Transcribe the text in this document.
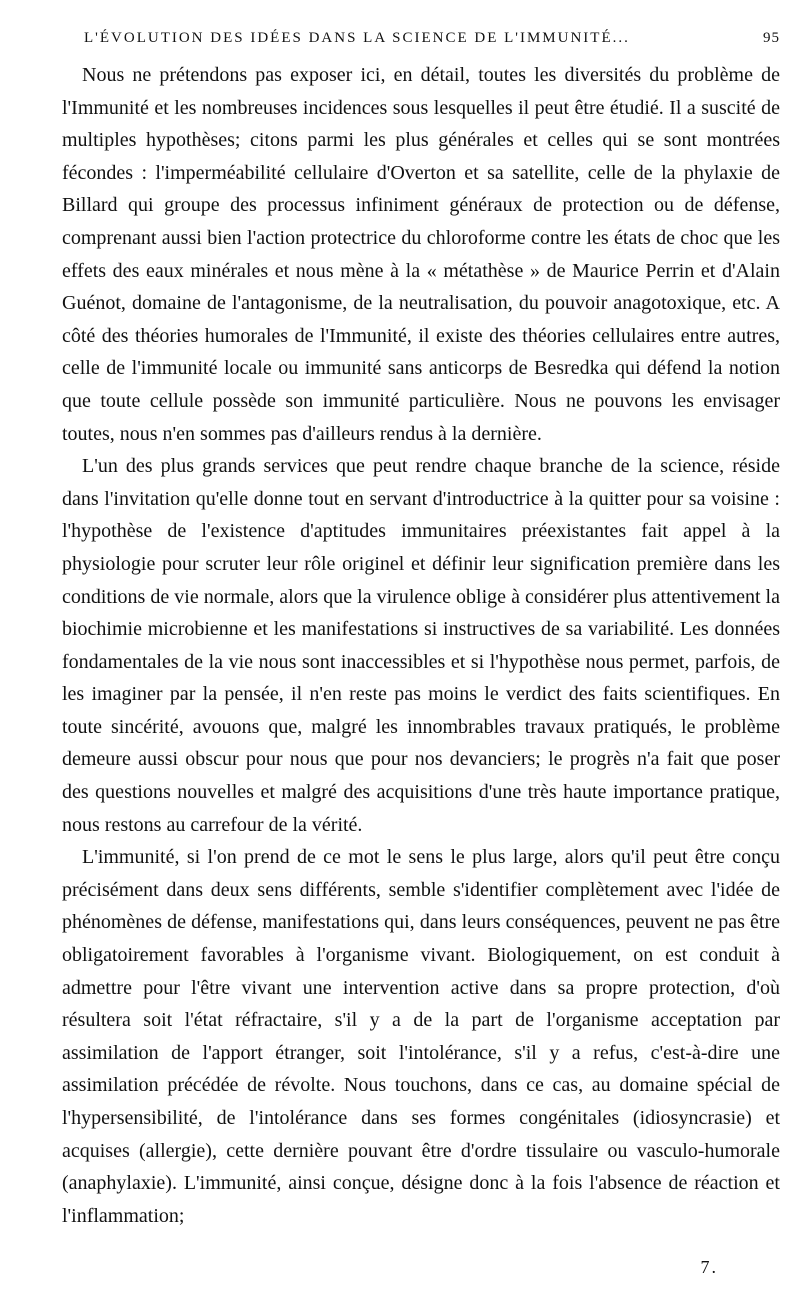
L'ÉVOLUTION DES IDÉES DANS LA SCIENCE DE L'IMMUNITÉ...	95

Nous ne prétendons pas exposer ici, en détail, toutes les diversités du problème de l'Immunité et les nombreuses incidences sous lesquelles il peut être étudié. Il a suscité de multiples hypothèses; citons parmi les plus générales et celles qui se sont montrées fécondes : l'imperméabilité cellulaire d'Overton et sa satellite, celle de la phylaxie de Billard qui groupe des processus infiniment généraux de protection ou de défense, comprenant aussi bien l'action protectrice du chloroforme contre les états de choc que les effets des eaux minérales et nous mène à la « métathèse » de Maurice Perrin et d'Alain Guénot, domaine de l'antagonisme, de la neutralisation, du pouvoir anagotoxique, etc. A côté des théories humorales de l'Immunité, il existe des théories cellulaires entre autres, celle de l'immunité locale ou immunité sans anticorps de Besredka qui défend la notion que toute cellule possède son immunité particulière. Nous ne pouvons les envisager toutes, nous n'en sommes pas d'ailleurs rendus à la dernière.

L'un des plus grands services que peut rendre chaque branche de la science, réside dans l'invitation qu'elle donne tout en servant d'introductrice à la quitter pour sa voisine : l'hypothèse de l'existence d'aptitudes immunitaires préexistantes fait appel à la physiologie pour scruter leur rôle originel et définir leur signification première dans les conditions de vie normale, alors que la virulence oblige à considérer plus attentivement la biochimie microbienne et les manifestations si instructives de sa variabilité. Les données fondamentales de la vie nous sont inaccessibles et si l'hypothèse nous permet, parfois, de les imaginer par la pensée, il n'en reste pas moins le verdict des faits scientifiques. En toute sincérité, avouons que, malgré les innombrables travaux pratiqués, le problème demeure aussi obscur pour nous que pour nos devanciers; le progrès n'a fait que poser des questions nouvelles et malgré des acquisitions d'une très haute importance pratique, nous restons au carrefour de la vérité.

L'immunité, si l'on prend de ce mot le sens le plus large, alors qu'il peut être conçu précisément dans deux sens différents, semble s'identifier complètement avec l'idée de phénomènes de défense, manifestations qui, dans leurs conséquences, peuvent ne pas être obligatoirement favorables à l'organisme vivant. Biologiquement, on est conduit à admettre pour l'être vivant une intervention active dans sa propre protection, d'où résultera soit l'état réfractaire, s'il y a de la part de l'organisme acceptation par assimilation de l'apport étranger, soit l'intolérance, s'il y a refus, c'est-à-dire une assimilation précédée de révolte. Nous touchons, dans ce cas, au domaine spécial de l'hypersensibilité, de l'intolérance dans ses formes congénitales (idiosyncrasie) et acquises (allergie), cette dernière pouvant être d'ordre tissulaire ou vasculo-humorale (anaphylaxie). L'immunité, ainsi conçue, désigne donc à la fois l'absence de réaction et l'inflammation;

7.
